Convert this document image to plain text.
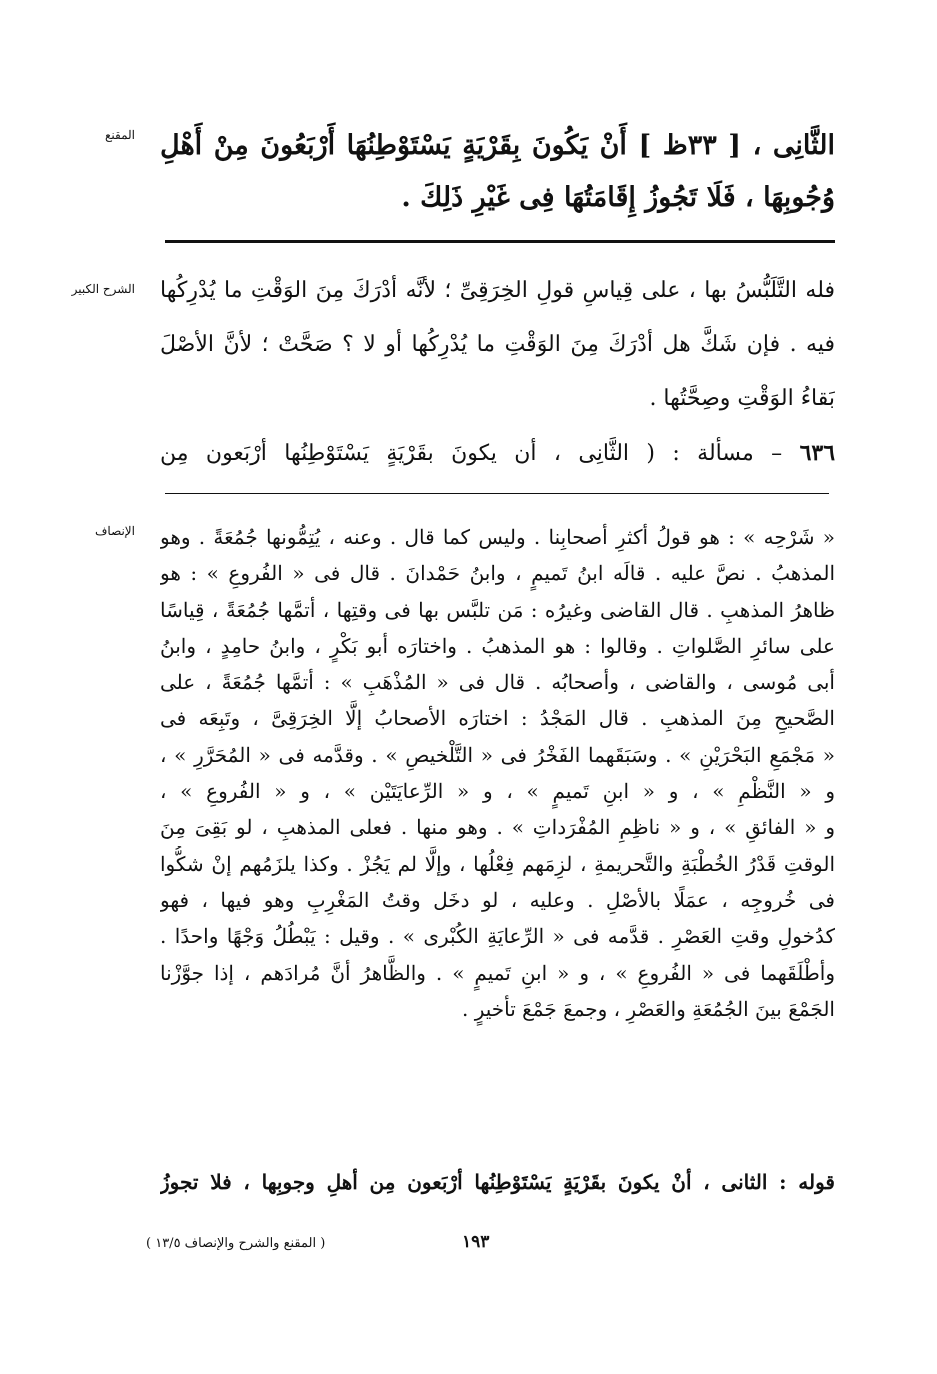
المقنع
الشرح الكبير
الإنصاف
الثَّانِى ، [ ٣٣ظ ] أَنْ يَكُونَ بِقَرْيَةٍ يَسْتَوْطِنُهَا أَرْبَعُونَ مِنْ أَهْلِ
وُجُوبِهَا ، فَلَا تَجُوزُ إِقَامَتُهَا فِى غَيْرِ ذَلِكَ .
فله التَّلَبُّسُ بها ، على قِياسِ قولِ الخِرَقِىِّ ؛ لأنَّه أدْرَكَ مِنَ الوَقْتِ ما يُدْرِكُها
فيه . فإن شَكَّ هل أدْرَكَ مِنَ الوَقْتِ ما يُدْرِكُها أو لا ؟ صَحَّتْ ؛ لأنَّ الأصْلَ
بَقاءُ الوَقْتِ وصِحَّتُها .
٦٣٦ – مسألة : ( الثَّانِى ، أن يكونَ بقَرْيَةٍ يَسْتَوْطِنُها أرْبَعون مِن
« شَرْحِه » : هو قولُ أكثرِ أصحابِنا . وليس كما قال . وعنه ، يُتِمُّونها جُمُعَةً . وهو
المذهبُ . نصَّ عليه . قالَه ابنُ تَميمٍ ، وابنُ حَمْدانَ . قال فى « الفُروعِ » : هو
ظاهرُ المذهبِ . قال القاضى وغيرُه : مَن تلبَّس بها فى وقتِها ، أتمَّها جُمُعَةً ، قِياسًا
على سائرِ الصَّلواتِ . وقالوا : هو المذهبُ . واختارَه أبو بَكْرٍ ، وابنُ حامِدٍ ، وابنُ
أبى مُوسى ، والقاضى ، وأصحابُه . قال فى « المُذْهَبِ » : أتمَّها جُمُعَةً ، على
الصَّحيحِ مِنَ المذهبِ . قال المَجْدُ : اختارَه الأصحابُ إلَّا الخِرَقِىَّ ، وتَبِعَه فى
« مَجْمَعِ البَحْرَيْنِ » . وسَبَقَهما الفَخْرُ فى « التَّلْخيصِ » . وقدَّمه فى « المُحَرَّرِ » ،
و « النَّظْمِ » ، و « ابنِ تَميمٍ » ، و « الرِّعايَتَيْن » ، و « الفُروعِ » ،
و « الفائقِ » ، و « ناظِمِ المُفْرَداتِ » . وهو منها . فعلى المذهبِ ، لو بَقِىَ مِنَ
الوقتِ قَدْرُ الخُطْبَةِ والتَّحريمةِ ، لزِمَهم فِعْلُها ، وإلَّا لم يَجُزْ . وكذا يلزَمُهم إنْ شكُّوا
فى خُروجِه ، عمَلًا بالأصْلِ . وعليه ، لو دخَل وقتُ المَغْرِبِ وهو فيها ، فهو
كدُخولِ وقتِ العَصْرِ . قدَّمه فى « الرِّعايَةِ الكُبْرى » . وقيل : يَبْطُلُ وَجْهًا واحدًا .
وأطْلَقَهما فى « الفُروعِ » ، و « ابنِ تَميمٍ » . والظَّاهرُ أنَّ مُرادَهم ، إذا جوَّزْنا
الجَمْعَ بينَ الجُمُعَةِ والعَصْرِ ، وجمعَ جَمْعَ تأخيرٍ .
قوله : الثانى ، أنْ يكونَ بقَرْيَةٍ يَسْتَوْطِنُها أرْبَعون مِن أهلِ وجوبِها ، فلا تجوزُ
١٩٣
( المقنع والشرح والإنصاف ١٣/٥ )
